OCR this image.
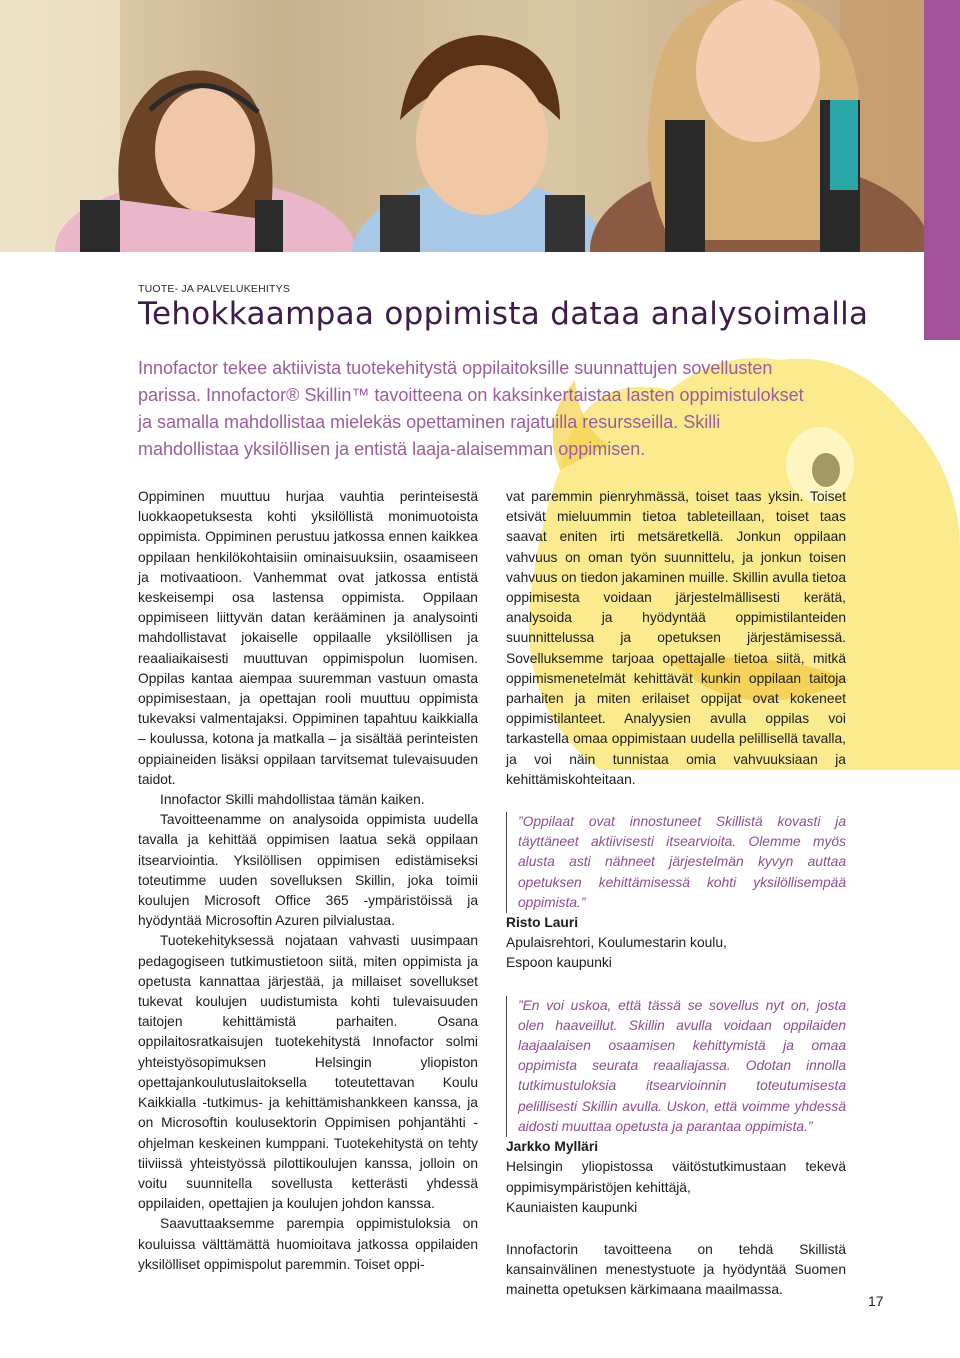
TUOTE- JA PALVELUKEHITYS
Tehokkaampaa oppimista dataa analysoimalla

Innofactor tekee aktiivista tuotekehitystä oppilaitoksille suunnattujen sovellusten parissa. Innofactor® Skillin™ tavoitteena on kaksinkertaistaa lasten oppimistulokset ja samalla mahdollistaa mielekäs opettaminen rajatuilla resursseilla. Skilli mahdollistaa yksilöllisen ja entistä laaja-alaisemman oppimisen.

Oppiminen muuttuu hurjaa vauhtia perinteisestä luokkaopetuksesta kohti yksilöllistä monimuotoista oppimista. Oppiminen perustuu jatkossa ennen kaikkea oppilaan henkilökohtaisiin ominaisuuksiin, osaamiseen ja motivaatioon. Vanhemmat ovat jatkossa entistä keskeisempi osa lastensa oppimista. Oppilaan oppimiseen liittyvän datan kerääminen ja analysointi mahdollistavat jokaiselle oppilaalle yksilöllisen ja reaaliaikaisesti muuttuvan oppimispolun luomisen. Oppilas kantaa aiempaa suuremman vastuun omasta oppimisestaan, ja opettajan rooli muuttuu oppimista tukevaksi valmentajaksi. Oppiminen tapahtuu kaikkialla – koulussa, kotona ja matkalla – ja sisältää perinteisten oppiaineiden lisäksi oppilaan tarvitsemat tulevaisuuden taidot.

Innofactor Skilli mahdollistaa tämän kaiken.

Tavoitteenamme on analysoida oppimista uudella tavalla ja kehittää oppimisen laatua sekä oppilaan itsearviointia. Yksilöllisen oppimisen edistämiseksi toteutimme uuden sovelluksen Skillin, joka toimii koulujen Microsoft Office 365 -ympäristöissä ja hyödyntää Microsoftin Azuren pilvialustaa.

Tuotekehityksessä nojataan vahvasti uusimpaan pedagogiseen tutkimustietoon siitä, miten oppimista ja opetusta kannattaa järjestää, ja millaiset sovellukset tukevat koulujen uudistumista kohti tulevaisuuden taitojen kehittämistä parhaiten. Osana oppilaitosratkaisujen tuotekehitystä Innofactor solmi yhteistyösopimuksen Helsingin yliopiston opettajankoulutuslaitoksella toteutettavan Koulu Kaikkialla -tutkimus- ja kehittämishankkeen kanssa, ja on Microsoftin koulusektorin Oppimisen pohjantähti -ohjelman keskeinen kumppani. Tuotekehitystä on tehty tiiviissä yhteistyössä pilottikoulujen kanssa, jolloin on voitu suunnitella sovellusta ketterästi yhdessä oppilaiden, opettajien ja koulujen johdon kanssa.

Saavuttaaksemme parempia oppimistuloksia on kouluissa välttämättä huomioitava jatkossa oppilaiden yksilölliset oppimispolut paremmin. Toiset oppi-

vat paremmin pienryhmässä, toiset taas yksin. Toiset etsivät mieluummin tietoa tableteillaan, toiset taas saavat eniten irti metsäretkellä. Jonkun oppilaan vahvuus on oman työn suunnittelu, ja jonkun toisen vahvuus on tiedon jakaminen muille. Skillin avulla tietoa oppimisesta voidaan järjestelmällisesti kerätä, analysoida ja hyödyntää oppimistilanteiden suunnittelussa ja opetuksen järjestämisessä. Sovelluksemme tarjoaa opettajalle tietoa siitä, mitkä oppimismenetelmät kehittävät kunkin oppilaan taitoja parhaiten ja miten erilaiset oppijat ovat kokeneet oppimistilanteet. Analyysien avulla oppilas voi tarkastella omaa oppimistaan uudella pelillisellä tavalla, ja voi näin tunnistaa omia vahvuuksiaan ja kehittämiskohteitaan.

”Oppilaat ovat innostuneet Skillistä kovasti ja täyttäneet aktiivisesti itsearvioita. Olemme myös alusta asti nähneet järjestelmän kyvyn auttaa opetuksen kehittämisessä kohti yksilöllisempää oppimista.”

Risto Lauri

Apulaisrehtori, Koulumestarin koulu,

Espoon kaupunki

”En voi uskoa, että tässä se sovellus nyt on, josta olen haaveillut. Skillin avulla voidaan oppilaiden laajaalaisen osaamisen kehittymistä ja omaa oppimista seurata reaaliajassa. Odotan innolla tutkimustuloksia itsearvioinnin toteutumisesta pelillisesti Skillin avulla. Uskon, että voimme yhdessä aidosti muuttaa opetusta ja parantaa oppimista.”

Jarkko Mylläri

Helsingin yliopistossa väitöstutkimustaan tekevä oppimisympäristöjen kehittäjä,

Kauniaisten kaupunki

Innofactorin tavoitteena on tehdä Skillistä kansainvälinen menestystuote ja hyödyntää Suomen mainetta opetuksen kärkimaana maailmassa.

17
